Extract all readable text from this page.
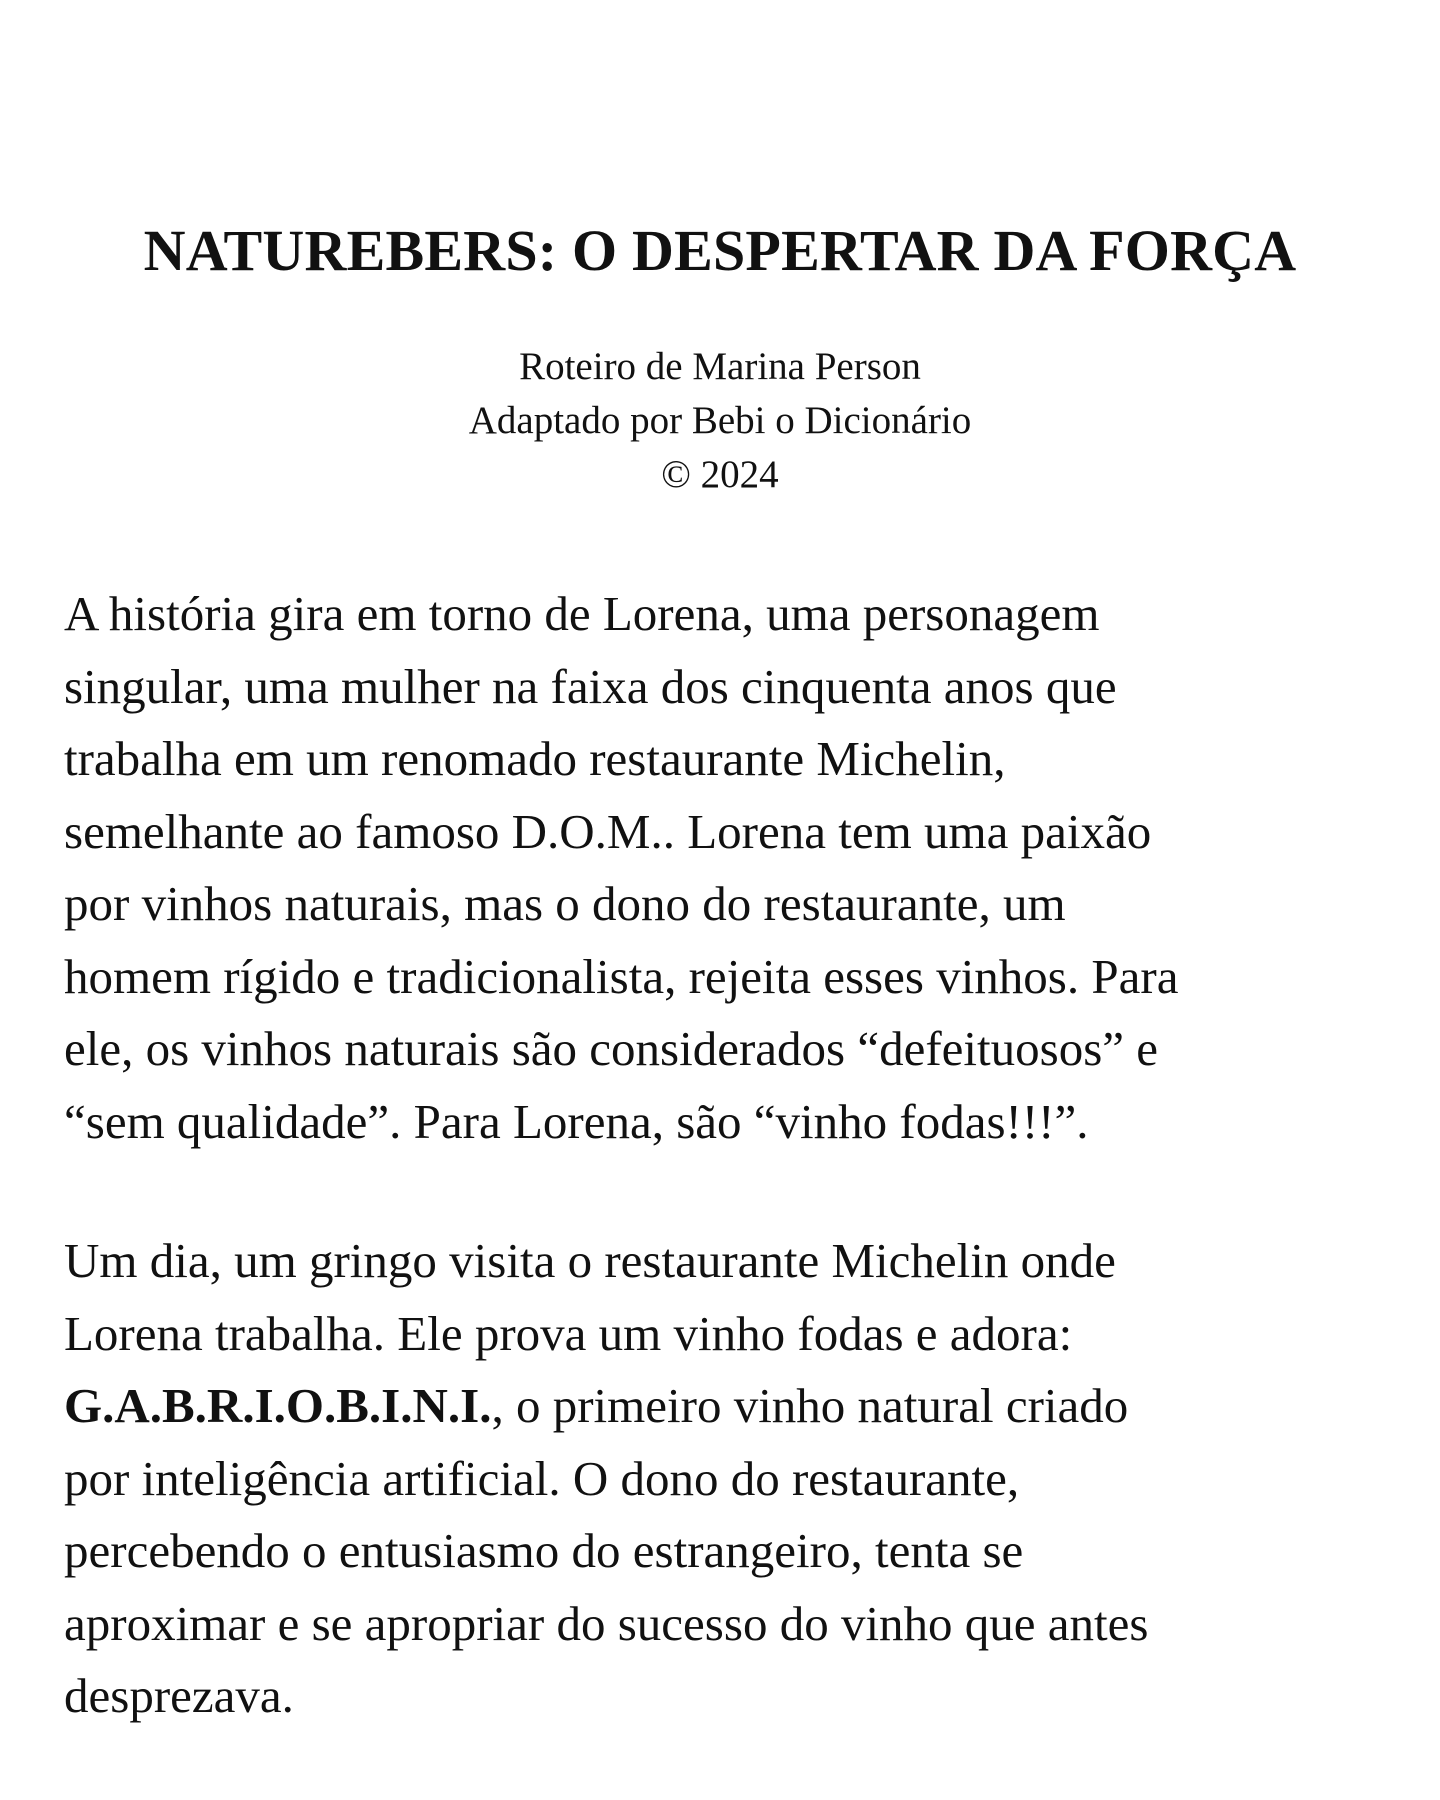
NATUREBERS: O DESPERTAR DA FORÇA
Roteiro de Marina Person
Adaptado por Bebi o Dicionário
© 2024

A história gira em torno de Lorena, uma personagem
singular, uma mulher na faixa dos cinquenta anos que
trabalha em um renomado restaurante Michelin,
semelhante ao famoso D.O.M.. Lorena tem uma paixão
por vinhos naturais, mas o dono do restaurante, um
homem rígido e tradicionalista, rejeita esses vinhos. Para
ele, os vinhos naturais são considerados “defeituosos” e
“sem qualidade”. Para Lorena, são “vinho fodas!!!”.

Um dia, um gringo visita o restaurante Michelin onde
Lorena trabalha. Ele prova um vinho fodas e adora:
G.A.B.R.I.O.B.I.N.I., o primeiro vinho natural criado
por inteligência artificial. O dono do restaurante,
percebendo o entusiasmo do estrangeiro, tenta se
aproximar e se apropriar do sucesso do vinho que antes
desprezava.
